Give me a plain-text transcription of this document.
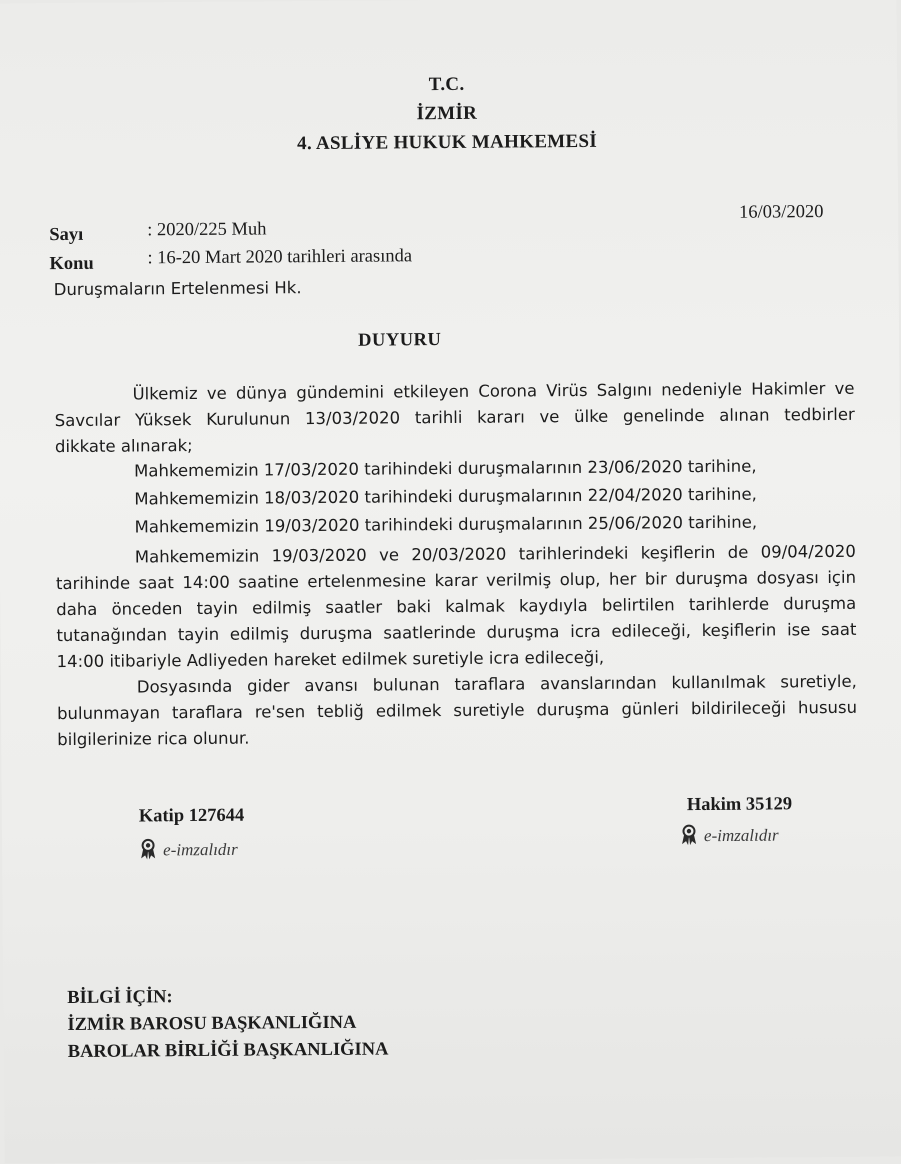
T.C.
İZMİR
4. ASLİYE HUKUK MAHKEMESİ
16/03/2020
Sayı	: 2020/225 Muh
Konu	: 16-20 Mart 2020 tarihleri arasında
Duruşmaların Ertelenmesi Hk.
DUYURU
Ülkemiz ve dünya gündemini etkileyen Corona Virüs Salgını nedeniyle Hakimler ve
Savcılar Yüksek Kurulunun 13/03/2020 tarihli kararı ve ülke genelinde alınan tedbirler
dikkate alınarak;
Mahkememizin 17/03/2020 tarihindeki duruşmalarının 23/06/2020 tarihine,
Mahkememizin 18/03/2020 tarihindeki duruşmalarının 22/04/2020 tarihine,
Mahkememizin 19/03/2020 tarihindeki duruşmalarının 25/06/2020 tarihine,
Mahkememizin 19/03/2020 ve 20/03/2020 tarihlerindeki keşiflerin de 09/04/2020
tarihinde saat 14:00 saatine ertelenmesine karar verilmiş olup, her bir duruşma dosyası için
daha önceden tayin edilmiş saatler baki kalmak kaydıyla belirtilen tarihlerde duruşma
tutanağından tayin edilmiş duruşma saatlerinde duruşma icra edileceği, keşiflerin ise saat
14:00 itibariyle Adliyeden hareket edilmek suretiyle icra edileceği,
Dosyasında gider avansı bulunan taraflara avanslarından kullanılmak suretiyle,
bulunmayan taraflara re'sen tebliğ edilmek suretiyle duruşma günleri bildirileceği hususu
bilgilerinize rica olunur.
Katip 127644
e-imzalıdır
Hakim 35129
e-imzalıdır
BİLGİ İÇİN:
İZMİR BAROSU BAŞKANLIĞINA
BAROLAR BİRLİĞİ BAŞKANLIĞINA
